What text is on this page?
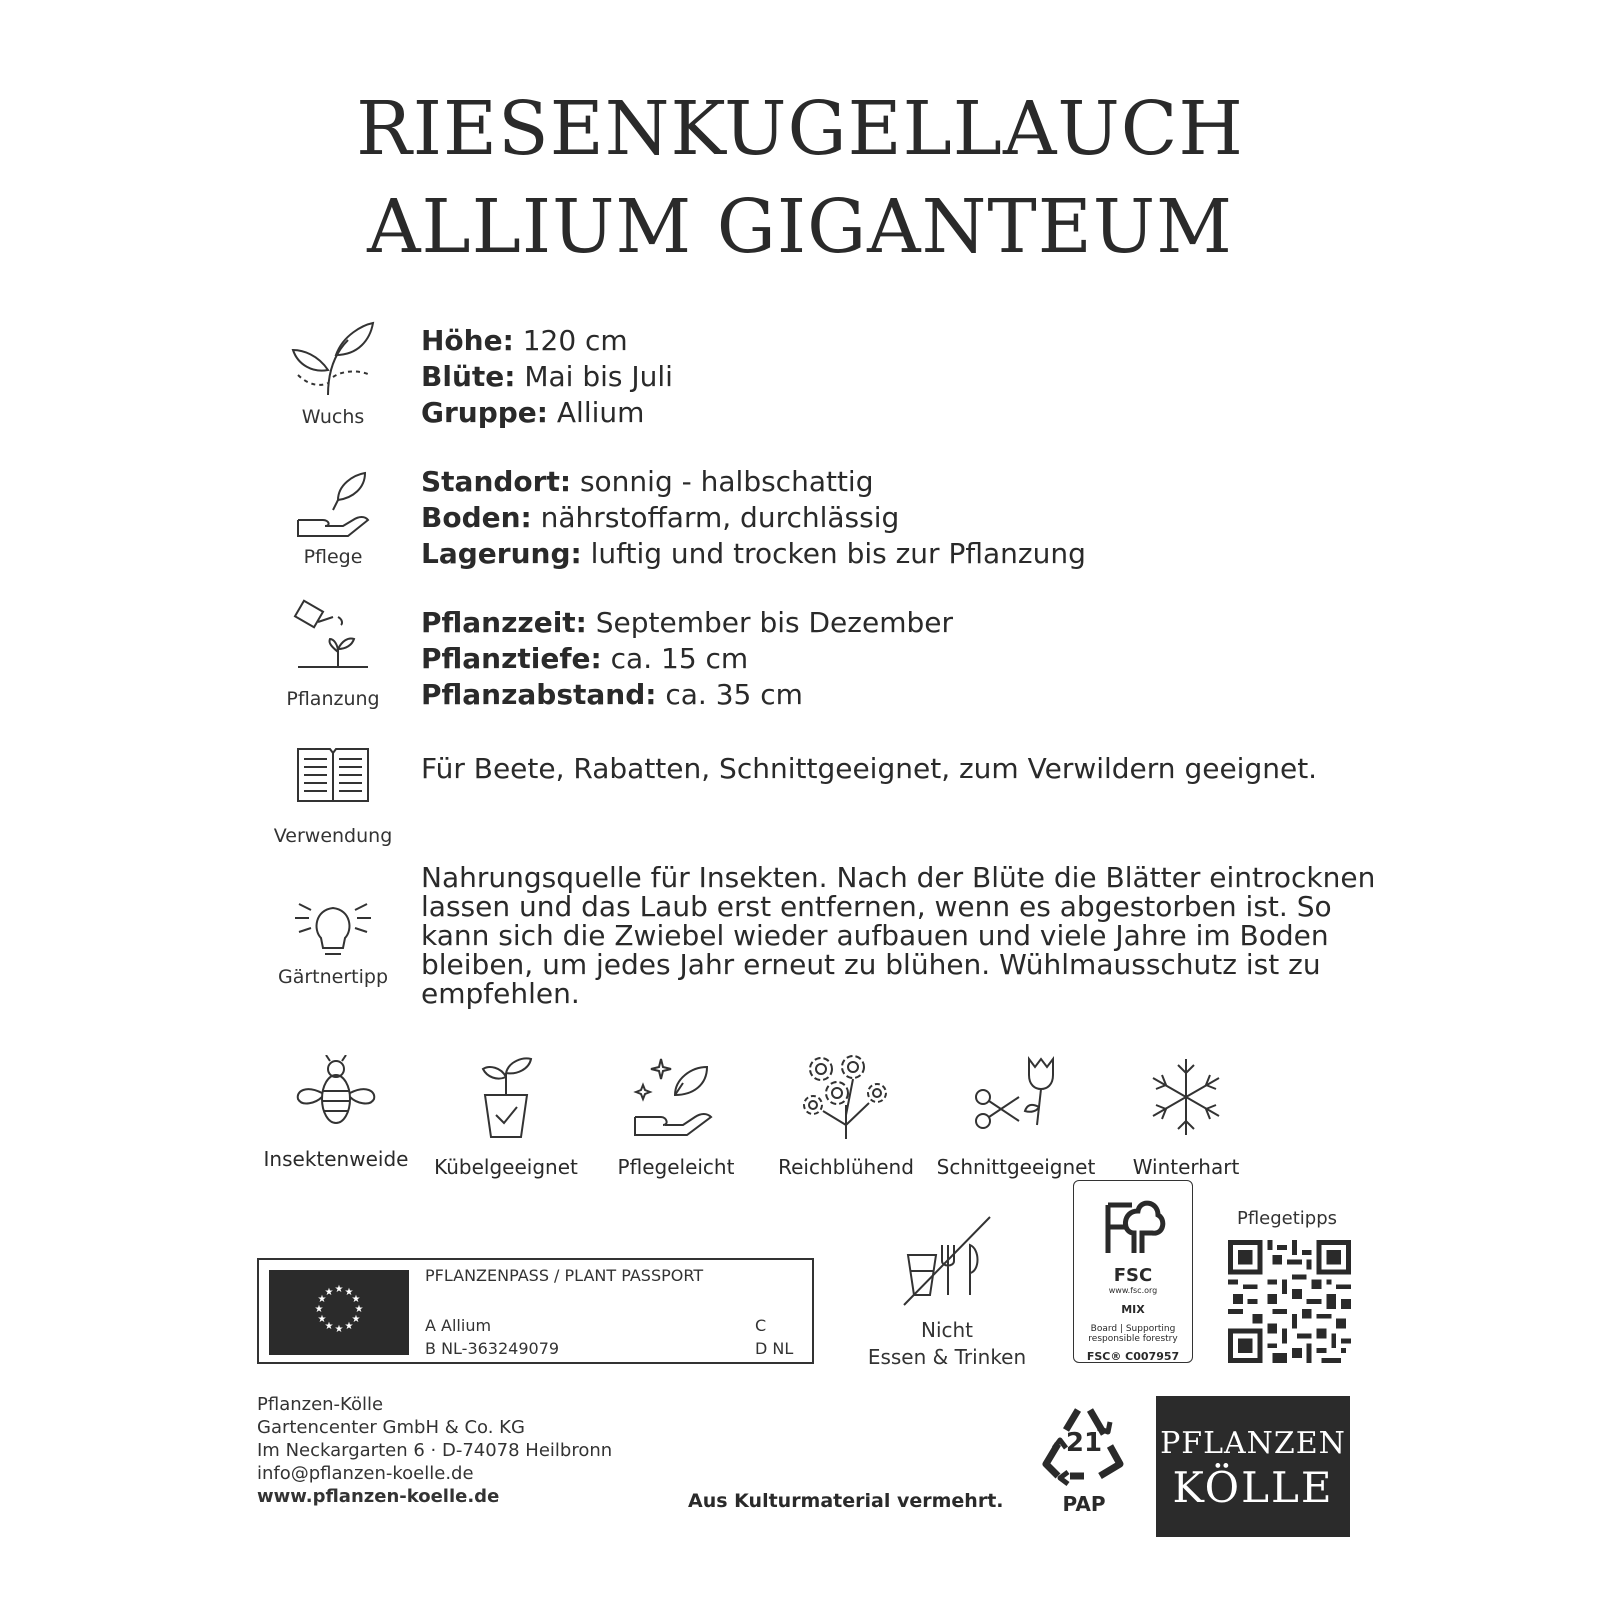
RIESENKUGELLAUCH
ALLIUM GIGANTEUM
Wuchs
Höhe: 120 cm
Blüte: Mai bis Juli
Gruppe: Allium
Pflege
Standort: sonnig - halbschattig
Boden: nährstoffarm, durchlässig
Lagerung: luftig und trocken bis zur Pflanzung
Pflanzung
Pflanzzeit: September bis Dezember
Pflanztiefe: ca. 15 cm
Pflanzabstand: ca. 35 cm
Verwendung
Für Beete, Rabatten, Schnittgeeignet, zum Verwildern geeignet.
Gärtnertipp
Nahrungsquelle für Insekten. Nach der Blüte die Blätter eintrocknen
lassen und das Laub erst entfernen, wenn es abgestorben ist. So
kann sich die Zwiebel wieder aufbauen und viele Jahre im Boden
bleiben, um jedes Jahr erneut zu blühen. Wühlmausschutz ist zu
empfehlen.
Insektenweide	Kübelgeeignet	Pflegeleicht	Reichblühend	Schnittgeeignet	Winterhart
★ ★
★
★
★
★
★
★
★
★
★
★
PFLANZENPASS / PLANT PASSPORT
A Allium
B NL-363249079
C
D NL
Nicht
Essen & Trinken
FSC
www.fsc.org
MIX
Board | Supporting
responsible forestry
FSC® C007957
Pflegetipps
Pflanzen-Kölle
Gartencenter GmbH & Co. KG
Im Neckargarten 6 · D-74078 Heilbronn
info@pflanzen-koelle.de
www.pflanzen-koelle.de	Aus Kulturmaterial vermehrt.
21
PAP
PFLANZEN
KÖLLE
